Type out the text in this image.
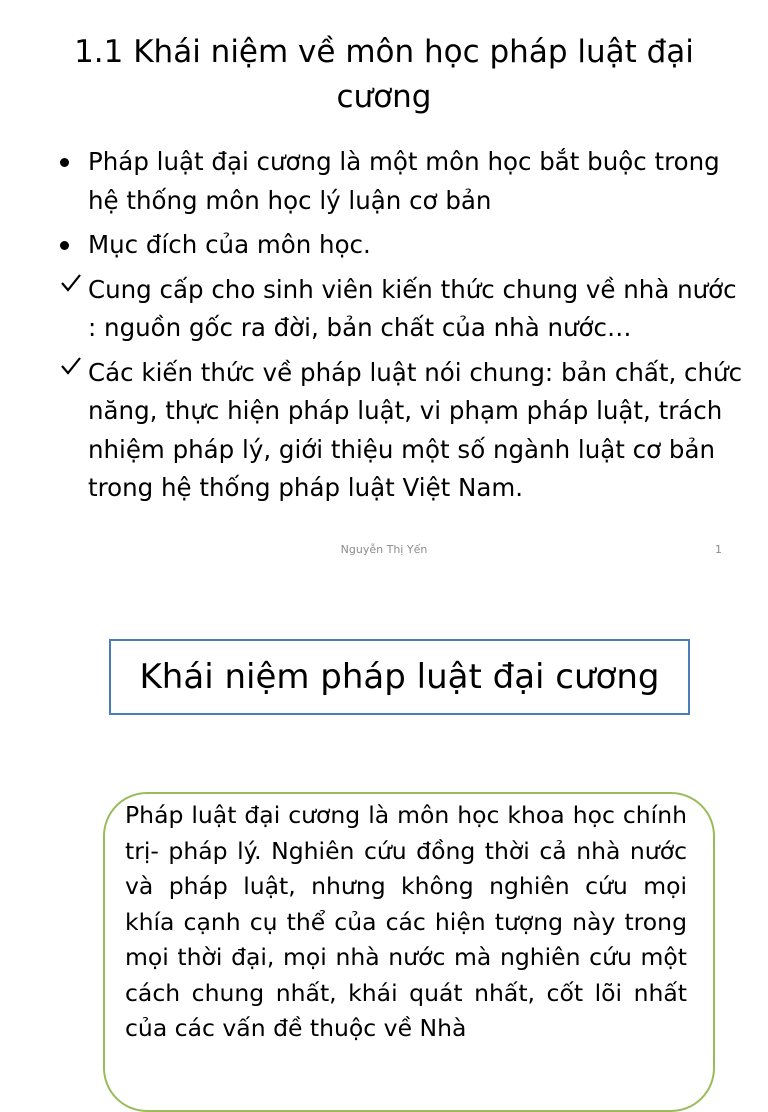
1.1 Khái niệm về môn học pháp luật đại cương
Pháp luật đại cương là một môn học bắt buộc trong hệ thống môn học lý luận cơ bản
Mục đích của môn học.
Cung cấp cho sinh viên kiến thức chung về nhà nước : nguồn gốc ra đời, bản chất của nhà nước…
Các kiến thức về pháp luật nói chung: bản chất, chức năng, thực hiện pháp luật, vi phạm pháp luật, trách nhiệm pháp lý, giới thiệu một số ngành luật cơ bản trong hệ thống pháp luật Việt Nam.
Nguyễn Thị Yến	1
Khái niệm pháp luật đại cương
Pháp luật đại cương là môn học khoa học chính trị- pháp lý. Nghiên cứu đồng thời cả nhà nước và pháp luật, nhưng không nghiên cứu mọi khía cạnh cụ thể của các hiện tượng này trong mọi thời đại, mọi nhà nước mà nghiên cứu một cách chung nhất, khái quát nhất, cốt lõi nhất của các vấn đề thuộc về Nhà
